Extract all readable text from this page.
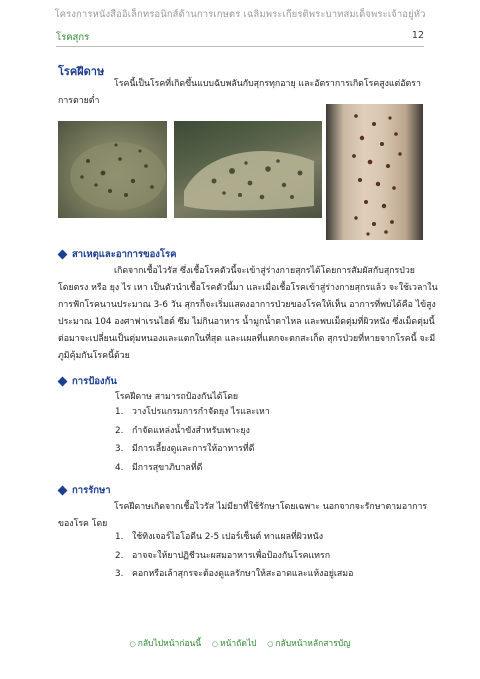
โครงการหนังสืออิเล็กทรอนิกส์ด้านการเกษตร เฉลิมพระเกียรติพระบาทสมเด็จพระเจ้าอยู่หัว
โรคสุกร	12
โรคฝีดาษ
โรคนี้เป็นโรคที่เกิดขึ้นแบบฉับพลันกับสุกรทุกอายุ และอัตราการเกิดโรคสูงแต่อัตรา
การตายต่ำ
สาเหตุและอาการของโรค
เกิดจากเชื้อไวรัส ซึ่งเชื้อโรคตัวนี้จะเข้าสู่ร่างกายสุกรได้โดยการสัมผัสกับสุกรป่วย
โดยตรง หรือ ยุง ไร เหา เป็นตัวนำเชื้อโรคตัวนี้มา และเมื่อเชื้อโรคเข้าสู่ร่างกายสุกรแล้ว จะใช้เวลาใน
การฟักโรคนานประมาณ 3-6 วัน สุกรก็จะเริ่มแสดงอาการป่วยของโรคให้เห็น อาการที่พบได้คือ ไข้สูง
ประมาณ 104 องศาฟาเรนไฮต์ ซึม ไม่กินอาหาร น้ำมูกน้ำตาไหล และพบเม็ดตุ่มที่ผิวหนัง ซึ่งเม็ดตุ่มนี้
ต่อมาจะเปลี่ยนเป็นตุ่มหนองและแตกในที่สุด และแผลที่แตกจะตกสะเก็ด สุกรป่วยที่หายจากโรคนี้ จะมี
ภูมิคุ้มกันโรคนี้ด้วย
การป้องกัน
โรคฝีดาษ สามารถป้องกันได้โดย
1. วางโปรแกรมการกำจัดยุง ไรและเหา
2. กำจัดแหล่งน้ำขังสำหรับเพาะยุง
3. มีการเลี้ยงดูและการให้อาหารที่ดี
4. มีการสุขาภิบาลที่ดี
การรักษา
โรคฝีดาษเกิดจากเชื้อไวรัส ไม่มียาที่ใช้รักษาโดยเฉพาะ นอกจากจะรักษาตามอาการ
ของโรค โดย
1. ใช้ทิงเจอร์ไอโอดีน 2-5 เปอร์เซ็นต์ ทาแผลที่ผิวหนัง
2. อาจจะให้ยาปฏิชีวนะผสมอาหารเพื่อป้องกันโรคแทรก
3. คอกหรือเล้าสุกรจะต้องดูแลรักษาให้สะอาดและแห้งอยู่เสมอ
○ กลับไปหน้าก่อนนี้ ○ หน้าถัดไป ○ กลับหน้าหลักสารบัญ
